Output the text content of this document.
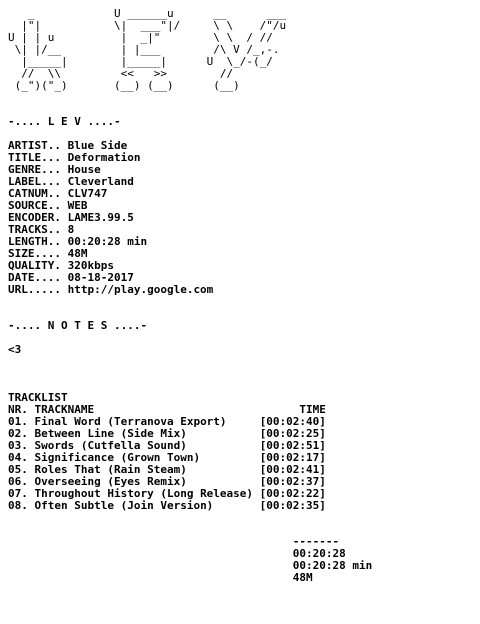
_            U ______u      __      ___
|"|           \|  ___"|/     \ \    /"/u
U | | u          |  _|"        \ \  / //
\| |/__         | |___        /\ V /_,-.
|_____|        |_____|      U  \_/-(_/
//  \\         <<   >>        //
(_")("_)       (__) (__)      (__)
-.... L E V ....-
ARTIST.. Blue Side
TITLE... Deformation
GENRE... House
LABEL... Cleverland
CATNUM.. CLV747
SOURCE.. WEB
ENCODER. LAME3.99.5
TRACKS.. 8
LENGTH.. 00:20:28 min
SIZE.... 48M
QUALITY. 320kbps
DATE.... 08-18-2017
URL..... http://play.google.com
-.... N O T E S ....-
<3
TRACKLIST
NR. TRACKNAME	TIME
01. Final Word (Terranova Export)	[00:02:40]
02. Between Line (Side Mix)	[00:02:25]
03. Swords (Cutfella Sound)	[00:02:51]
04. Significance (Grown Town)	[00:02:17]
05. Roles That (Rain Steam)	[00:02:41]
06. Overseeing (Eyes Remix)	[00:02:37]
07. Throughout History (Long Release) [00:02:22]
08. Often Subtle (Join Version)	[00:02:35]
-------
00:20:28
00:20:28 min
48M
